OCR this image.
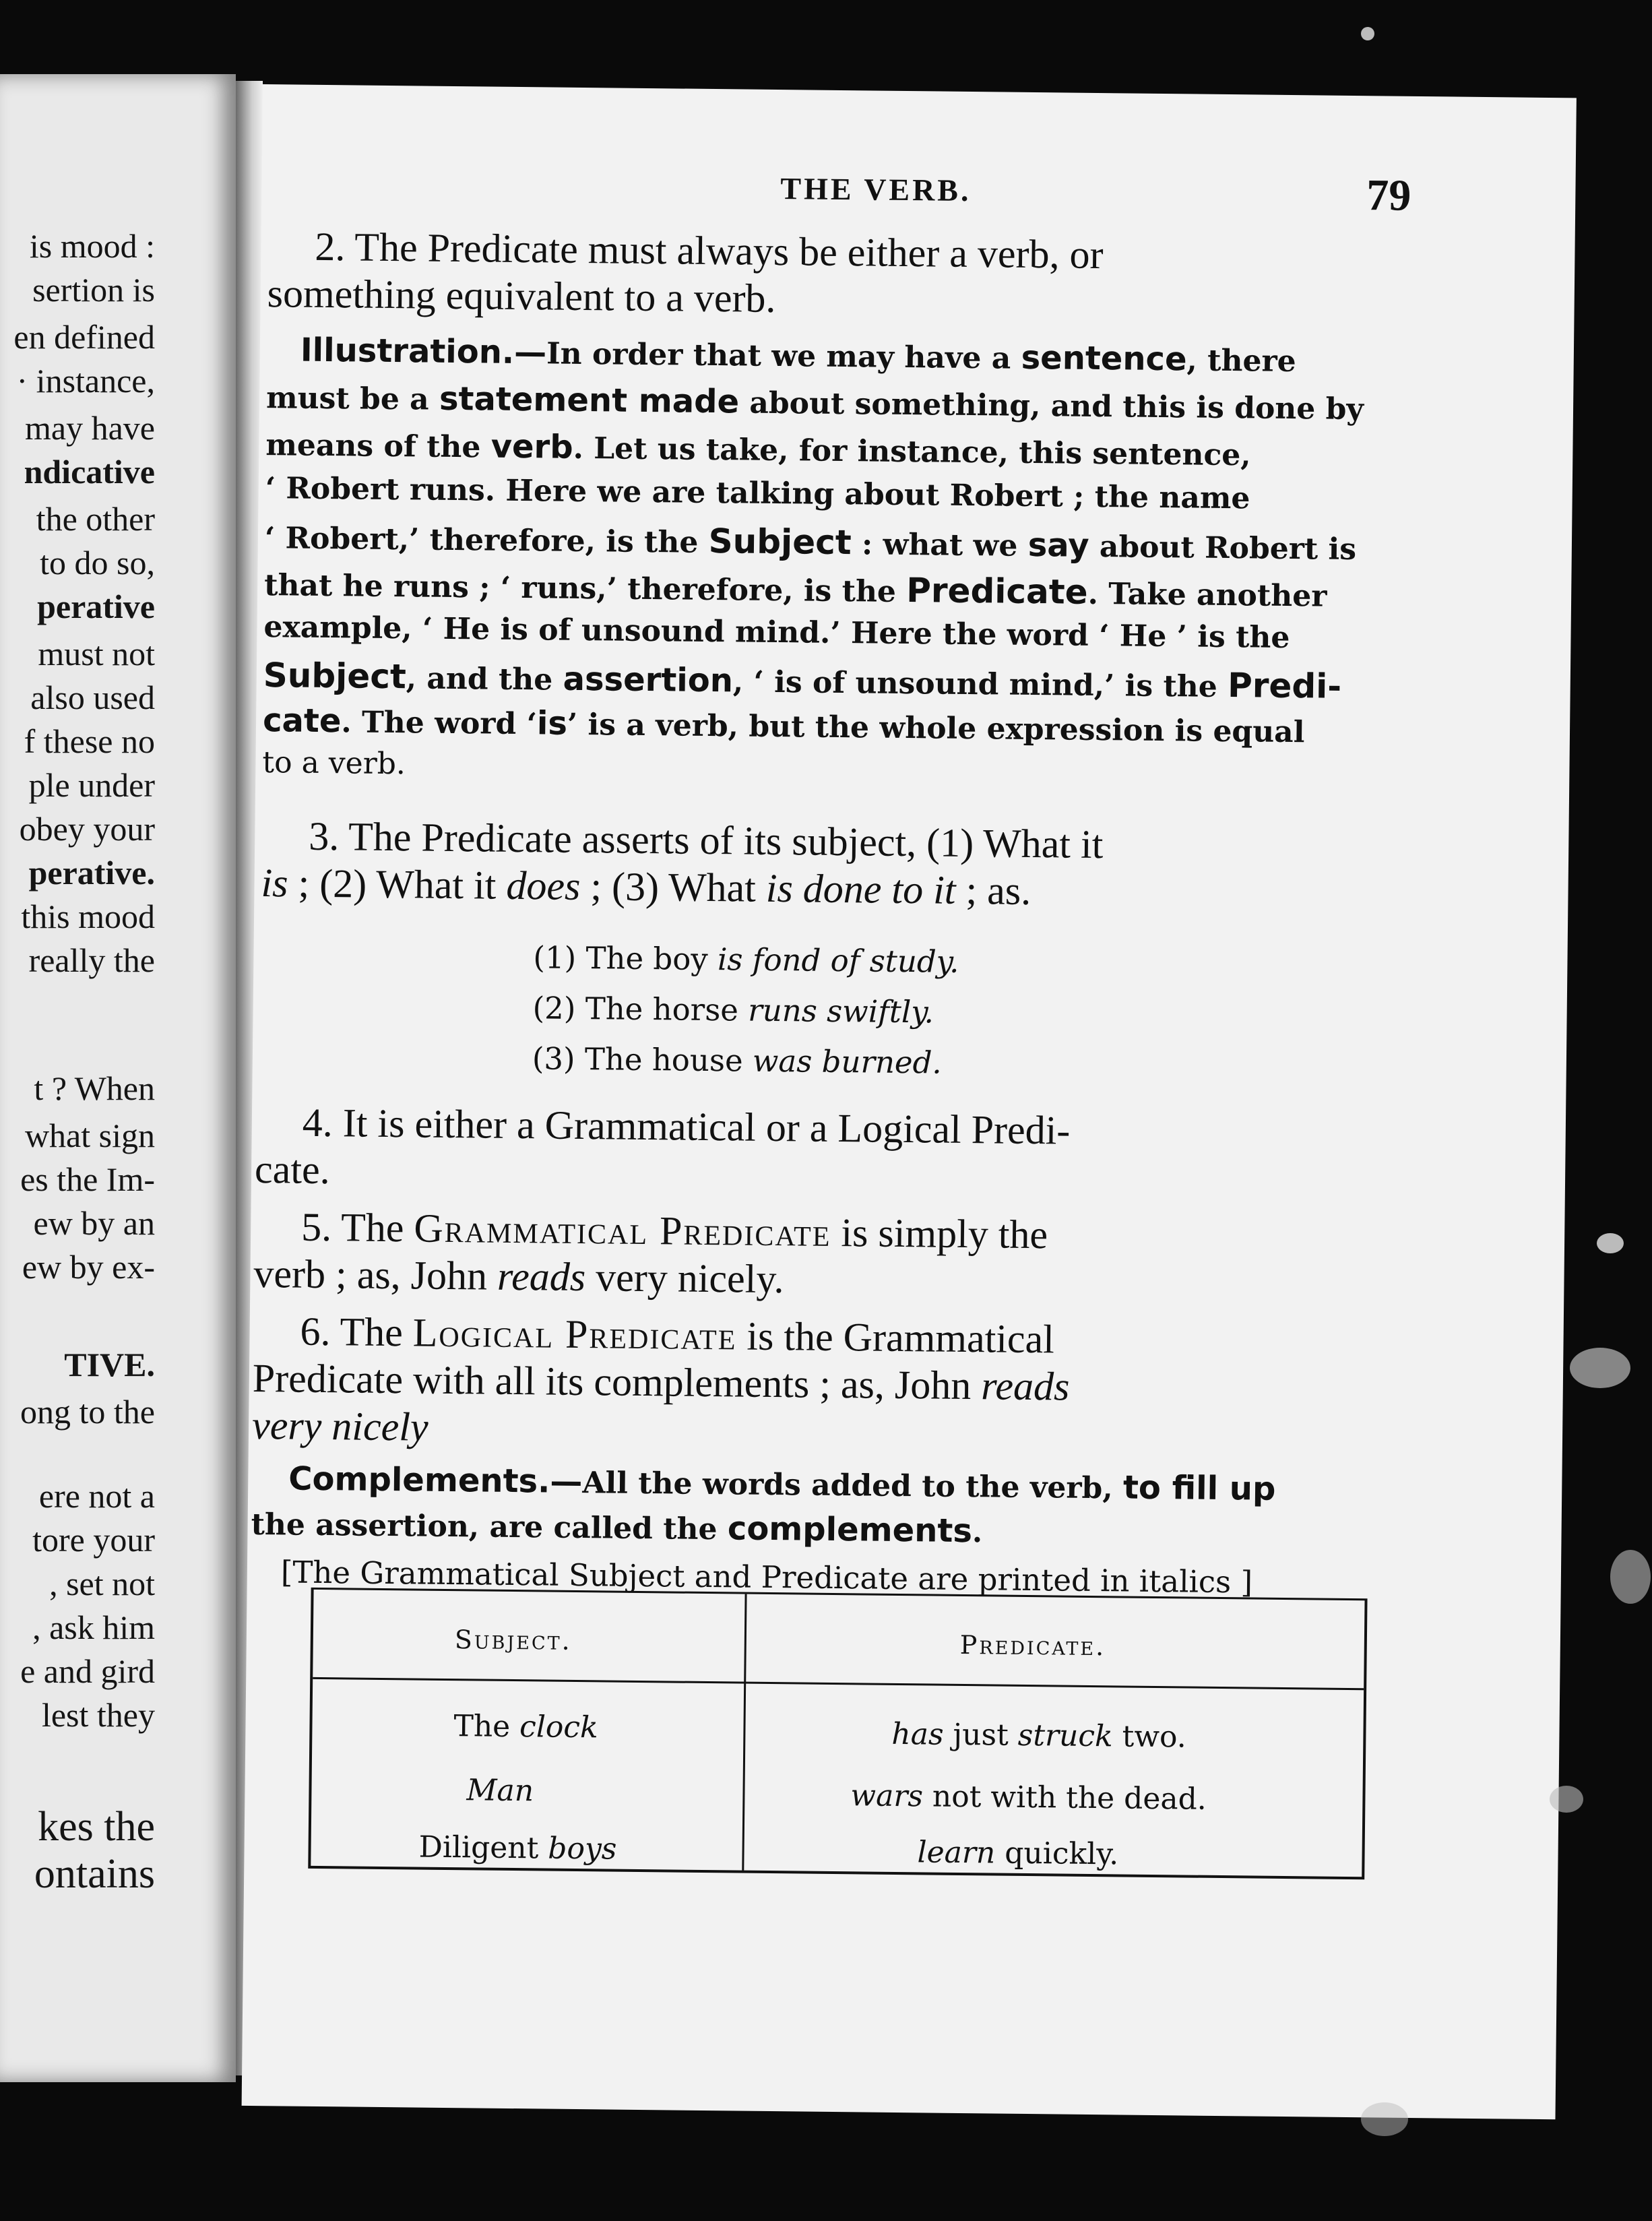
is mood :
sertion is
en defined
· instance,
may have
ndicative
the other
to do so,
perative
must not
also used
f these no
ple under
obey your
perative.
this mood
really the
t ? When
what sign
es the Im-
ew by an
ew by ex-
TIVE.
ong to the
ere not a
tore your
, set not
, ask him
e and gird
lest they
kes the
ontains
THE VERB.	79
2. The Predicate must always be either a verb, or
something equivalent to a verb.
Illustration.—In order that we may have a sentence, there
must be a statement made about something, and this is done by
means of the verb. Let us take, for instance, this sentence,
‘ Robert runs. Here we are talking about Robert ; the name
‘ Robert,’ therefore, is the Subject : what we say about Robert is
that he runs ; ‘ runs,’ therefore, is the Predicate. Take another
example, ‘ He is of unsound mind.’ Here the word ‘ He ’ is the
Subject, and the assertion, ‘ is of unsound mind,’ is the Predi-
cate. The word ‘is’ is a verb, but the whole expression is equal
to a verb.
3. The Predicate asserts of its subject, (1) What it
is ; (2) What it does ; (3) What is done to it ; as.
(1) The boy is fond of study.
(2) The horse runs swiftly.
(3) The house was burned.
4. It is either a Grammatical or a Logical Predi-
cate.
5. The Grammatical Predicate is simply the
verb ; as, John reads very nicely.
6. The Logical Predicate is the Grammatical
Predicate with all its complements ; as, John reads
very nicely
Complements.—All the words added to the verb, to fill up
the assertion, are called the complements.
[The Grammatical Subject and Predicate are printed in italics ]
Subject.	Predicate.
The clock
Man
Diligent boys
has just struck two.
wars not with the dead.
learn quickly.
